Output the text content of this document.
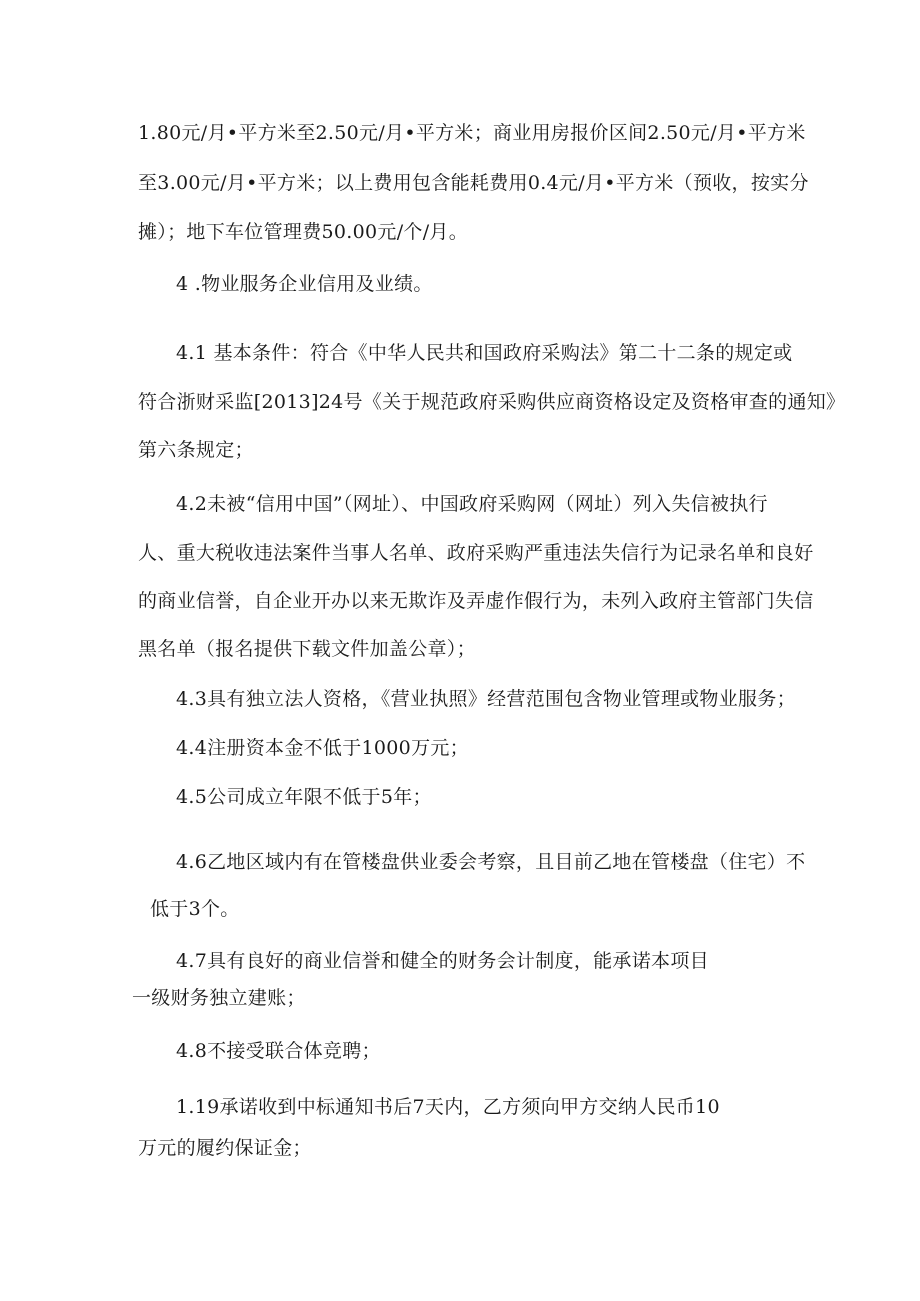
1.80元/月•平方米至2.50元/月•平方米；商业用房报价区间2.50元/月•平方米
至3.00元/月•平方米；以上费用包含能耗费用0.4元/月•平方米（预收，按实分
摊）；地下车位管理费50.00元/个/月。
4 .物业服务企业信用及业绩。
4.1 基本条件：符合《中华人民共和国政府采购法》第二十二条的规定或
符合浙财采监[2013]24号《关于规范政府采购供应商资格设定及资格审查的通知》
第六条规定；
4.2未被“信用中国”（网址）、中国政府采购网（网址）列入失信被执行
人、重大税收违法案件当事人名单、政府采购严重违法失信行为记录名单和良好
的商业信誉，自企业开办以来无欺诈及弄虚作假行为，未列入政府主管部门失信
黑名单（报名提供下载文件加盖公章）；
4.3具有独立法人资格，《营业执照》经营范围包含物业管理或物业服务；
4.4注册资本金不低于1000万元；
4.5公司成立年限不低于5年；
4.6乙地区域内有在管楼盘供业委会考察，且目前乙地在管楼盘（住宅）不
低于3个。
4.7具有良好的商业信誉和健全的财务会计制度，能承诺本项目
一级财务独立建账；
4.8不接受联合体竞聘；
1.19承诺收到中标通知书后7天内，乙方须向甲方交纳人民币10
万元的履约保证金；
